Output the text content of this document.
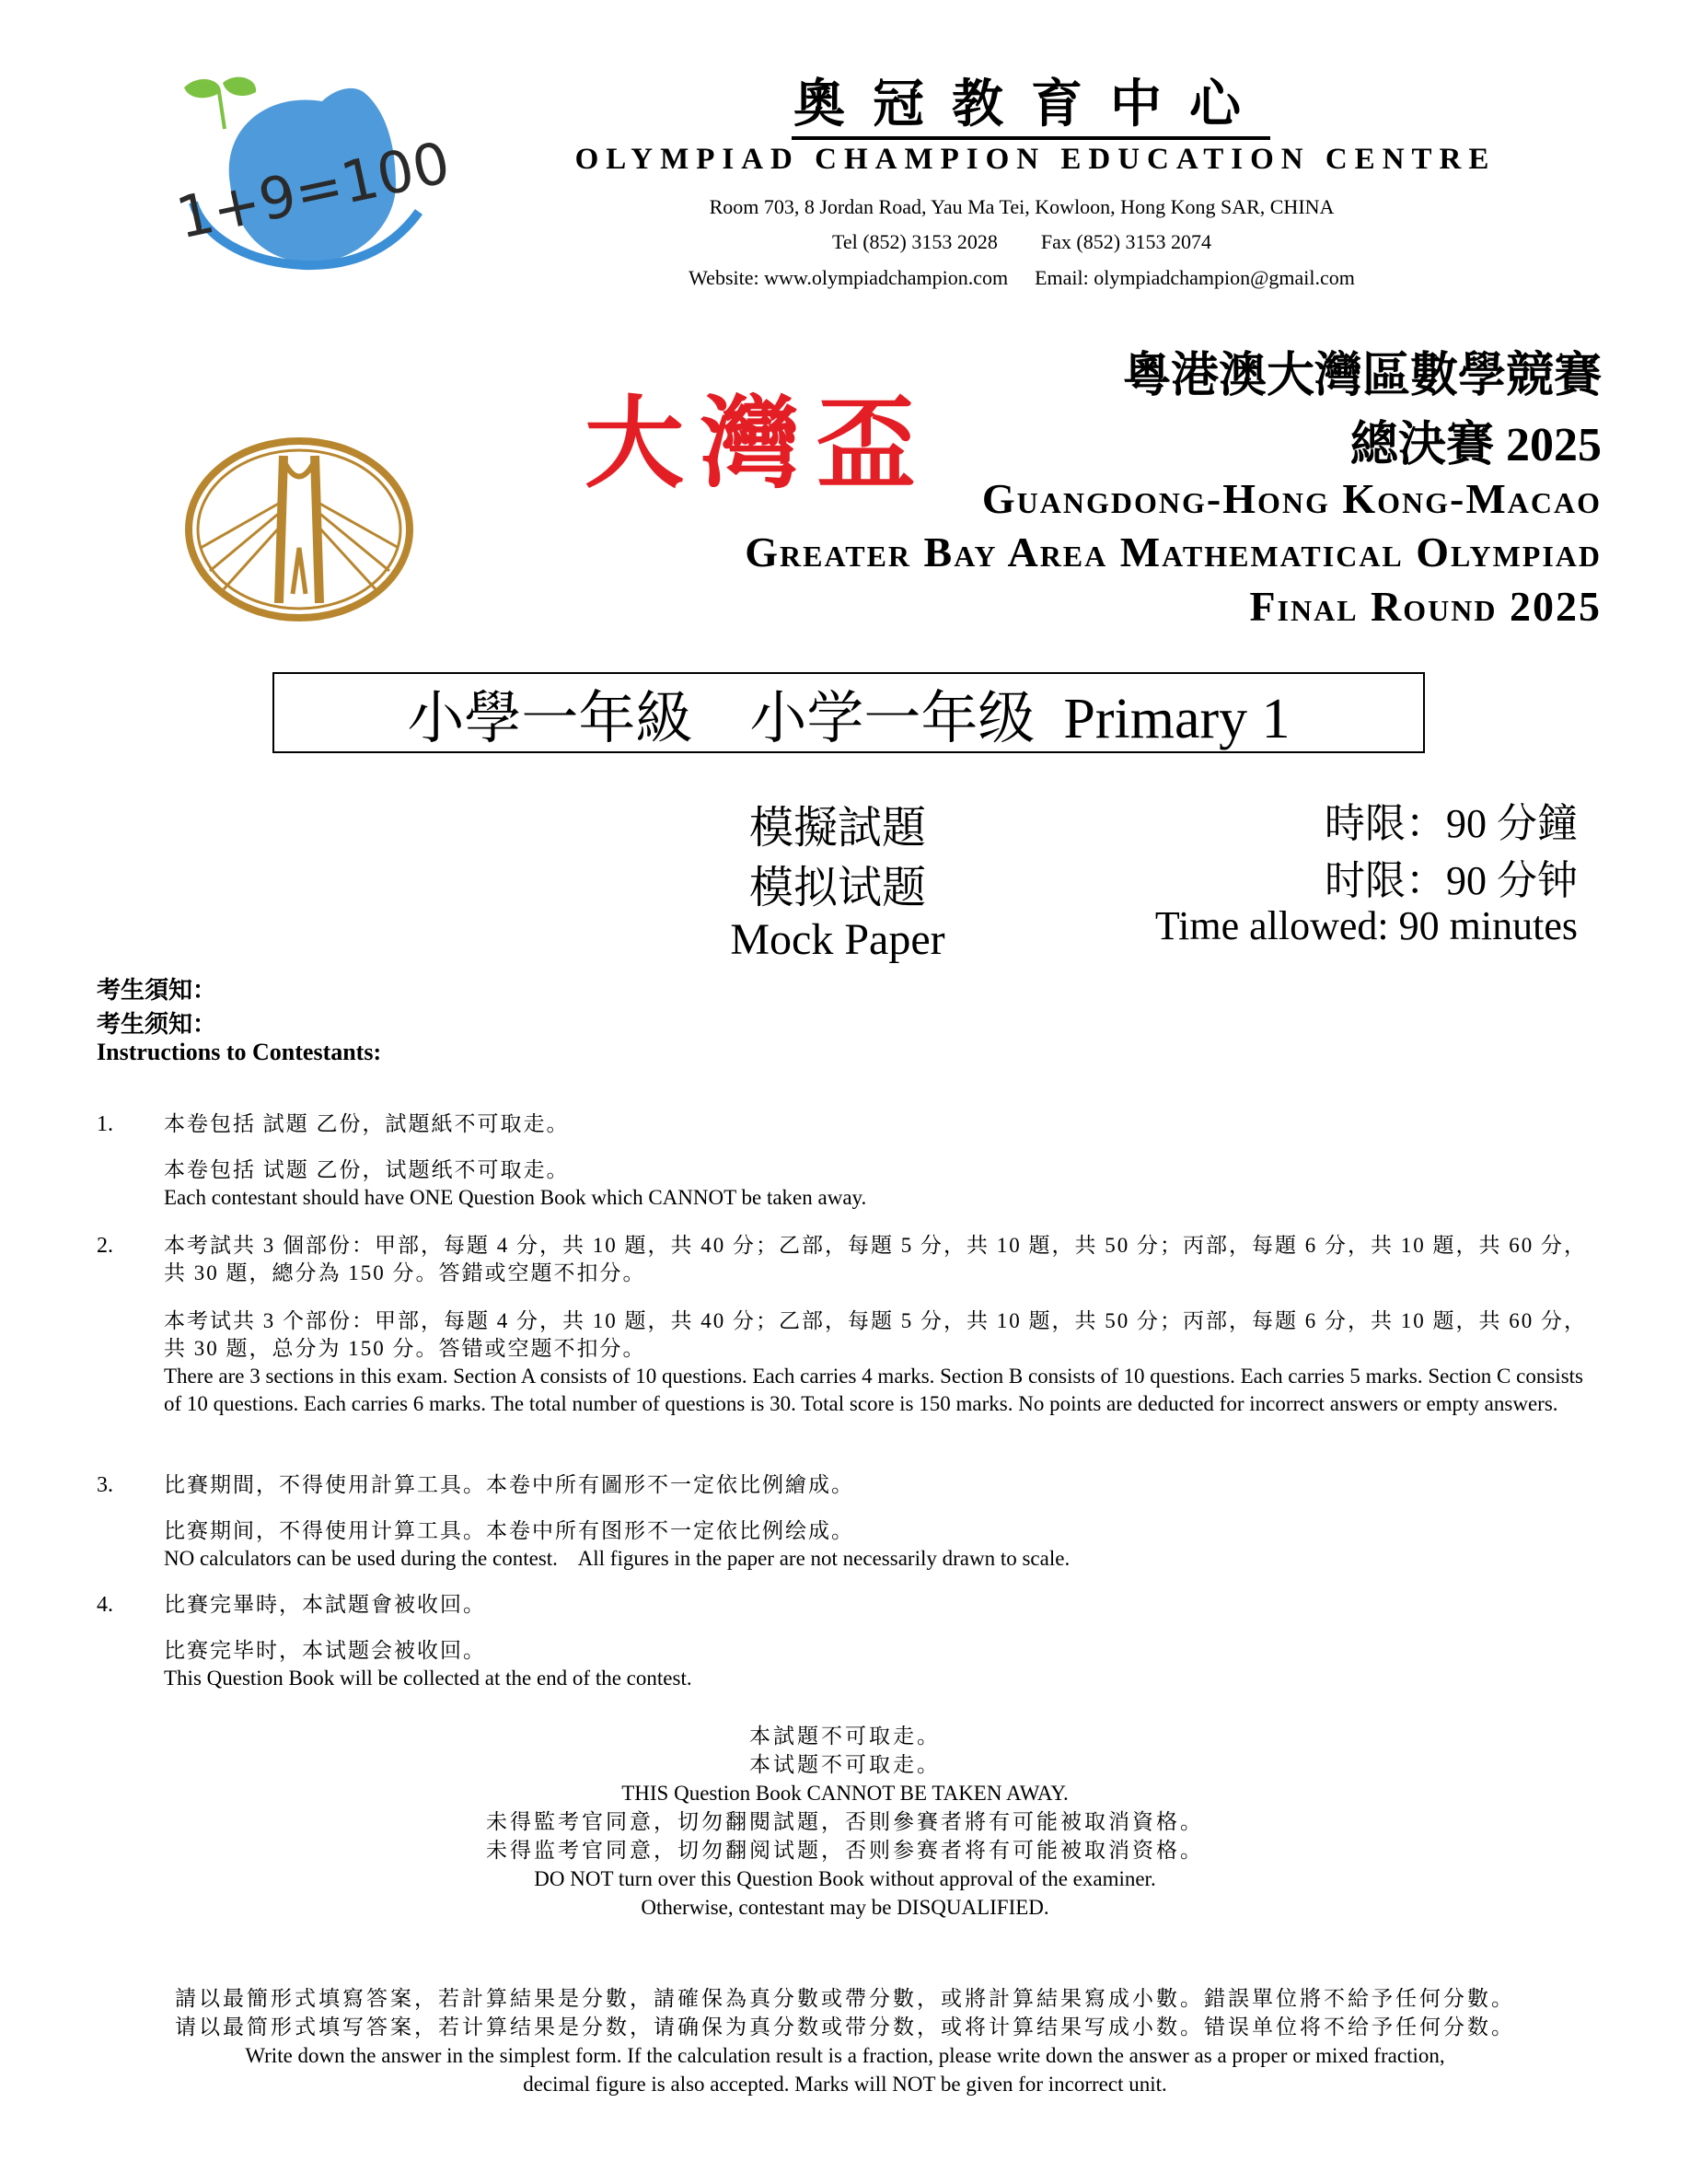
1+9=100
奧冠教育中心
OLYMPIAD CHAMPION EDUCATION CENTRE
Room 703, 8 Jordan Road, Yau Ma Tei, Kowloon, Hong Kong SAR, CHINA
Tel (852) 3153 2028 Fax (852) 3153 2074
Website: www.olympiadchampion.com Email: olympiadchampion@gmail.com
大灣盃
粵港澳大灣區數學競賽
總決賽 2025
Guangdong-Hong Kong-Macao
Greater Bay Area Mathematical Olympiad
Final Round 2025
小學一年級    小学一年级  Primary 1
模擬試題
模拟试题
Mock Paper
時限：90 分鐘
时限：90 分钟
Time allowed: 90 minutes
考生須知：
考生须知：
Instructions to Contestants:
1. 本卷包括 試題 乙份，試題紙不可取走。
本卷包括 试题 乙份，试题纸不可取走。
Each contestant should have ONE Question Book which CANNOT be taken away.
2. 本考試共 3 個部份：甲部，每題 4 分，共 10 題，共 40 分；乙部，每題 5 分，共 10 題，共 50 分；丙部，每題 6 分，共 10 題，共 60 分，共 30 題，總分為 150 分。答錯或空題不扣分。
本考试共 3 个部份：甲部，每题 4 分，共 10 题，共 40 分；乙部，每题 5 分，共 10 题，共 50 分；丙部，每题 6 分，共 10 题，共 60 分，共 30 题，总分为 150 分。答错或空题不扣分。
There are 3 sections in this exam. Section A consists of 10 questions. Each carries 4 marks. Section B consists of 10 questions. Each carries 5 marks. Section C consists of 10 questions. Each carries 6 marks. The total number of questions is 30. Total score is 150 marks. No points are deducted for incorrect answers or empty answers.
3. 比賽期間，不得使用計算工具。本卷中所有圖形不一定依比例繪成。
比赛期间，不得使用计算工具。本卷中所有图形不一定依比例绘成。
NO calculators can be used during the contest.    All figures in the paper are not necessarily drawn to scale.
4. 比賽完畢時，本試題會被收回。
比赛完毕时，本试题会被收回。
This Question Book will be collected at the end of the contest.
本試題不可取走。
本试题不可取走。
THIS Question Book CANNOT BE TAKEN AWAY.
未得監考官同意，切勿翻閱試題，否則參賽者將有可能被取消資格。
未得监考官同意，切勿翻阅试题，否则参赛者将有可能被取消资格。
DO NOT turn over this Question Book without approval of the examiner.
Otherwise, contestant may be DISQUALIFIED.
請以最簡形式填寫答案，若計算結果是分數，請確保為真分數或帶分數，或將計算結果寫成小數。錯誤單位將不給予任何分數。
请以最简形式填写答案，若计算结果是分数，请确保为真分数或带分数，或将计算结果写成小数。错误单位将不给予任何分数。
Write down the answer in the simplest form. If the calculation result is a fraction, please write down the answer as a proper or mixed fraction,
decimal figure is also accepted. Marks will NOT be given for incorrect unit.
